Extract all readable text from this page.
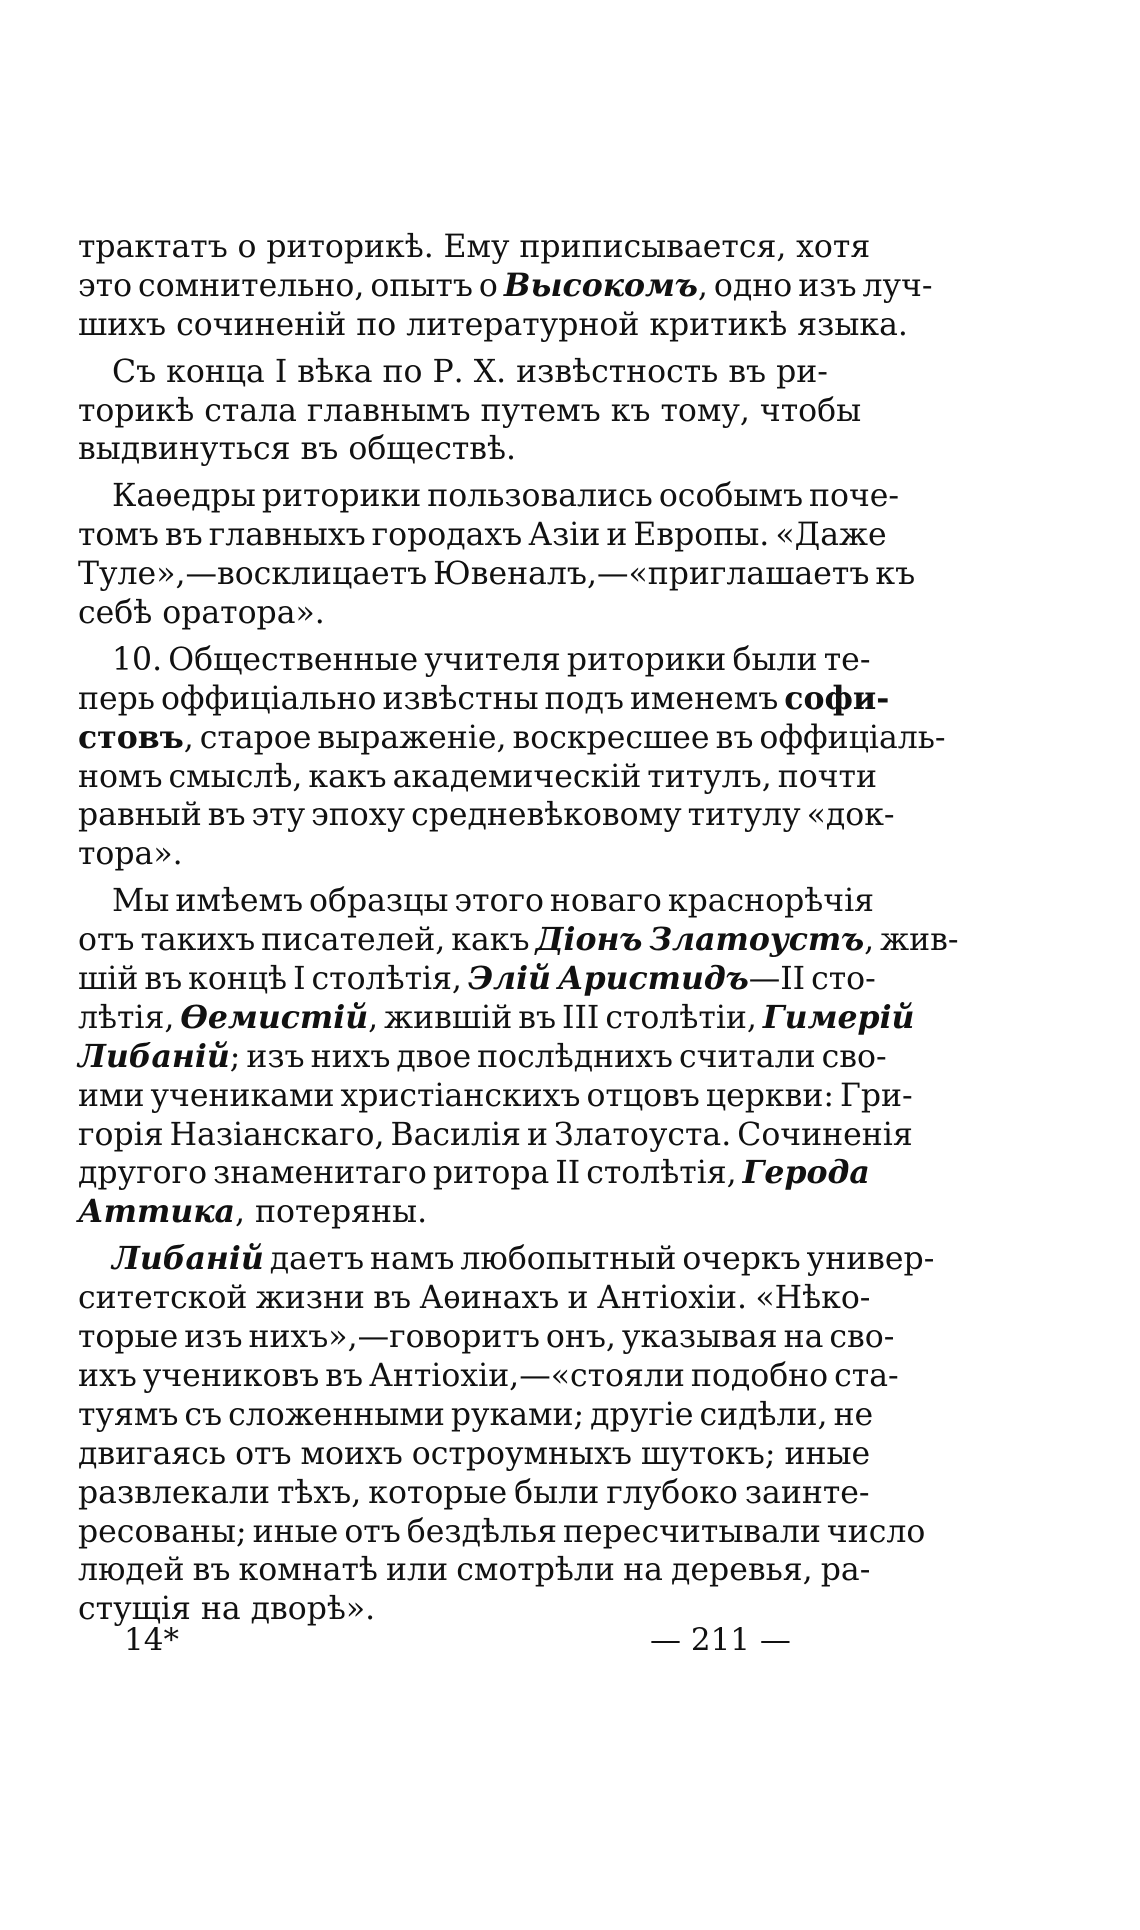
трактатъ о риторикѣ. Ему приписывается, хотя
это сомнительно, опытъ о Высокомъ, одно изъ луч-
шихъ сочиненій по литературной критикѣ языка.
Съ конца I вѣка по Р. Х. извѣстность въ ри-
торикѣ стала главнымъ путемъ къ тому, чтобы
выдвинуться въ обществѣ.
Каѳедры риторики пользовались особымъ поче-
томъ въ главныхъ городахъ Азіи и Европы. «Даже
Туле»,—восклицаетъ Ювеналъ,—«приглашаетъ къ
себѣ оратора».
10. Общественные учителя риторики были те-
перь оффиціально извѣстны подъ именемъ софи-
стовъ, старое выраженіе, воскресшее въ оффиціаль-
номъ смыслѣ, какъ академическій титулъ, почти
равный въ эту эпоху средневѣковому титулу «док-
тора».
Мы имѣемъ образцы этого новаго краснорѣчія
отъ такихъ писателей, какъ Діонъ Златоустъ, жив-
шій въ концѣ I столѣтія, Элій Аристидъ—II сто-
лѣтія, Ѳемистій, жившій въ III столѣтіи, Гимерій
Либаній; изъ нихъ двое послѣднихъ считали сво-
ими учениками христіанскихъ отцовъ церкви: Гри-
горія Назіанскаго, Василія и Златоуста. Сочиненія
другого знаменитаго ритора II столѣтія, Герода
Аттика, потеряны.
Либаній даетъ намъ любопытный очеркъ универ-
ситетской жизни въ Аѳинахъ и Антіохіи. «Нѣко-
торые изъ нихъ»,—говоритъ онъ, указывая на сво-
ихъ учениковъ въ Антіохіи,—«стояли подобно ста-
туямъ съ сложенными руками; другіе сидѣли, не
двигаясь отъ моихъ остроумныхъ шутокъ; иные
развлекали тѣхъ, которые были глубоко заинте-
ресованы; иные отъ бездѣлья пересчитывали число
людей въ комнатѣ или смотрѣли на деревья, ра-
стущія на дворѣ».
14*	— 211 —
